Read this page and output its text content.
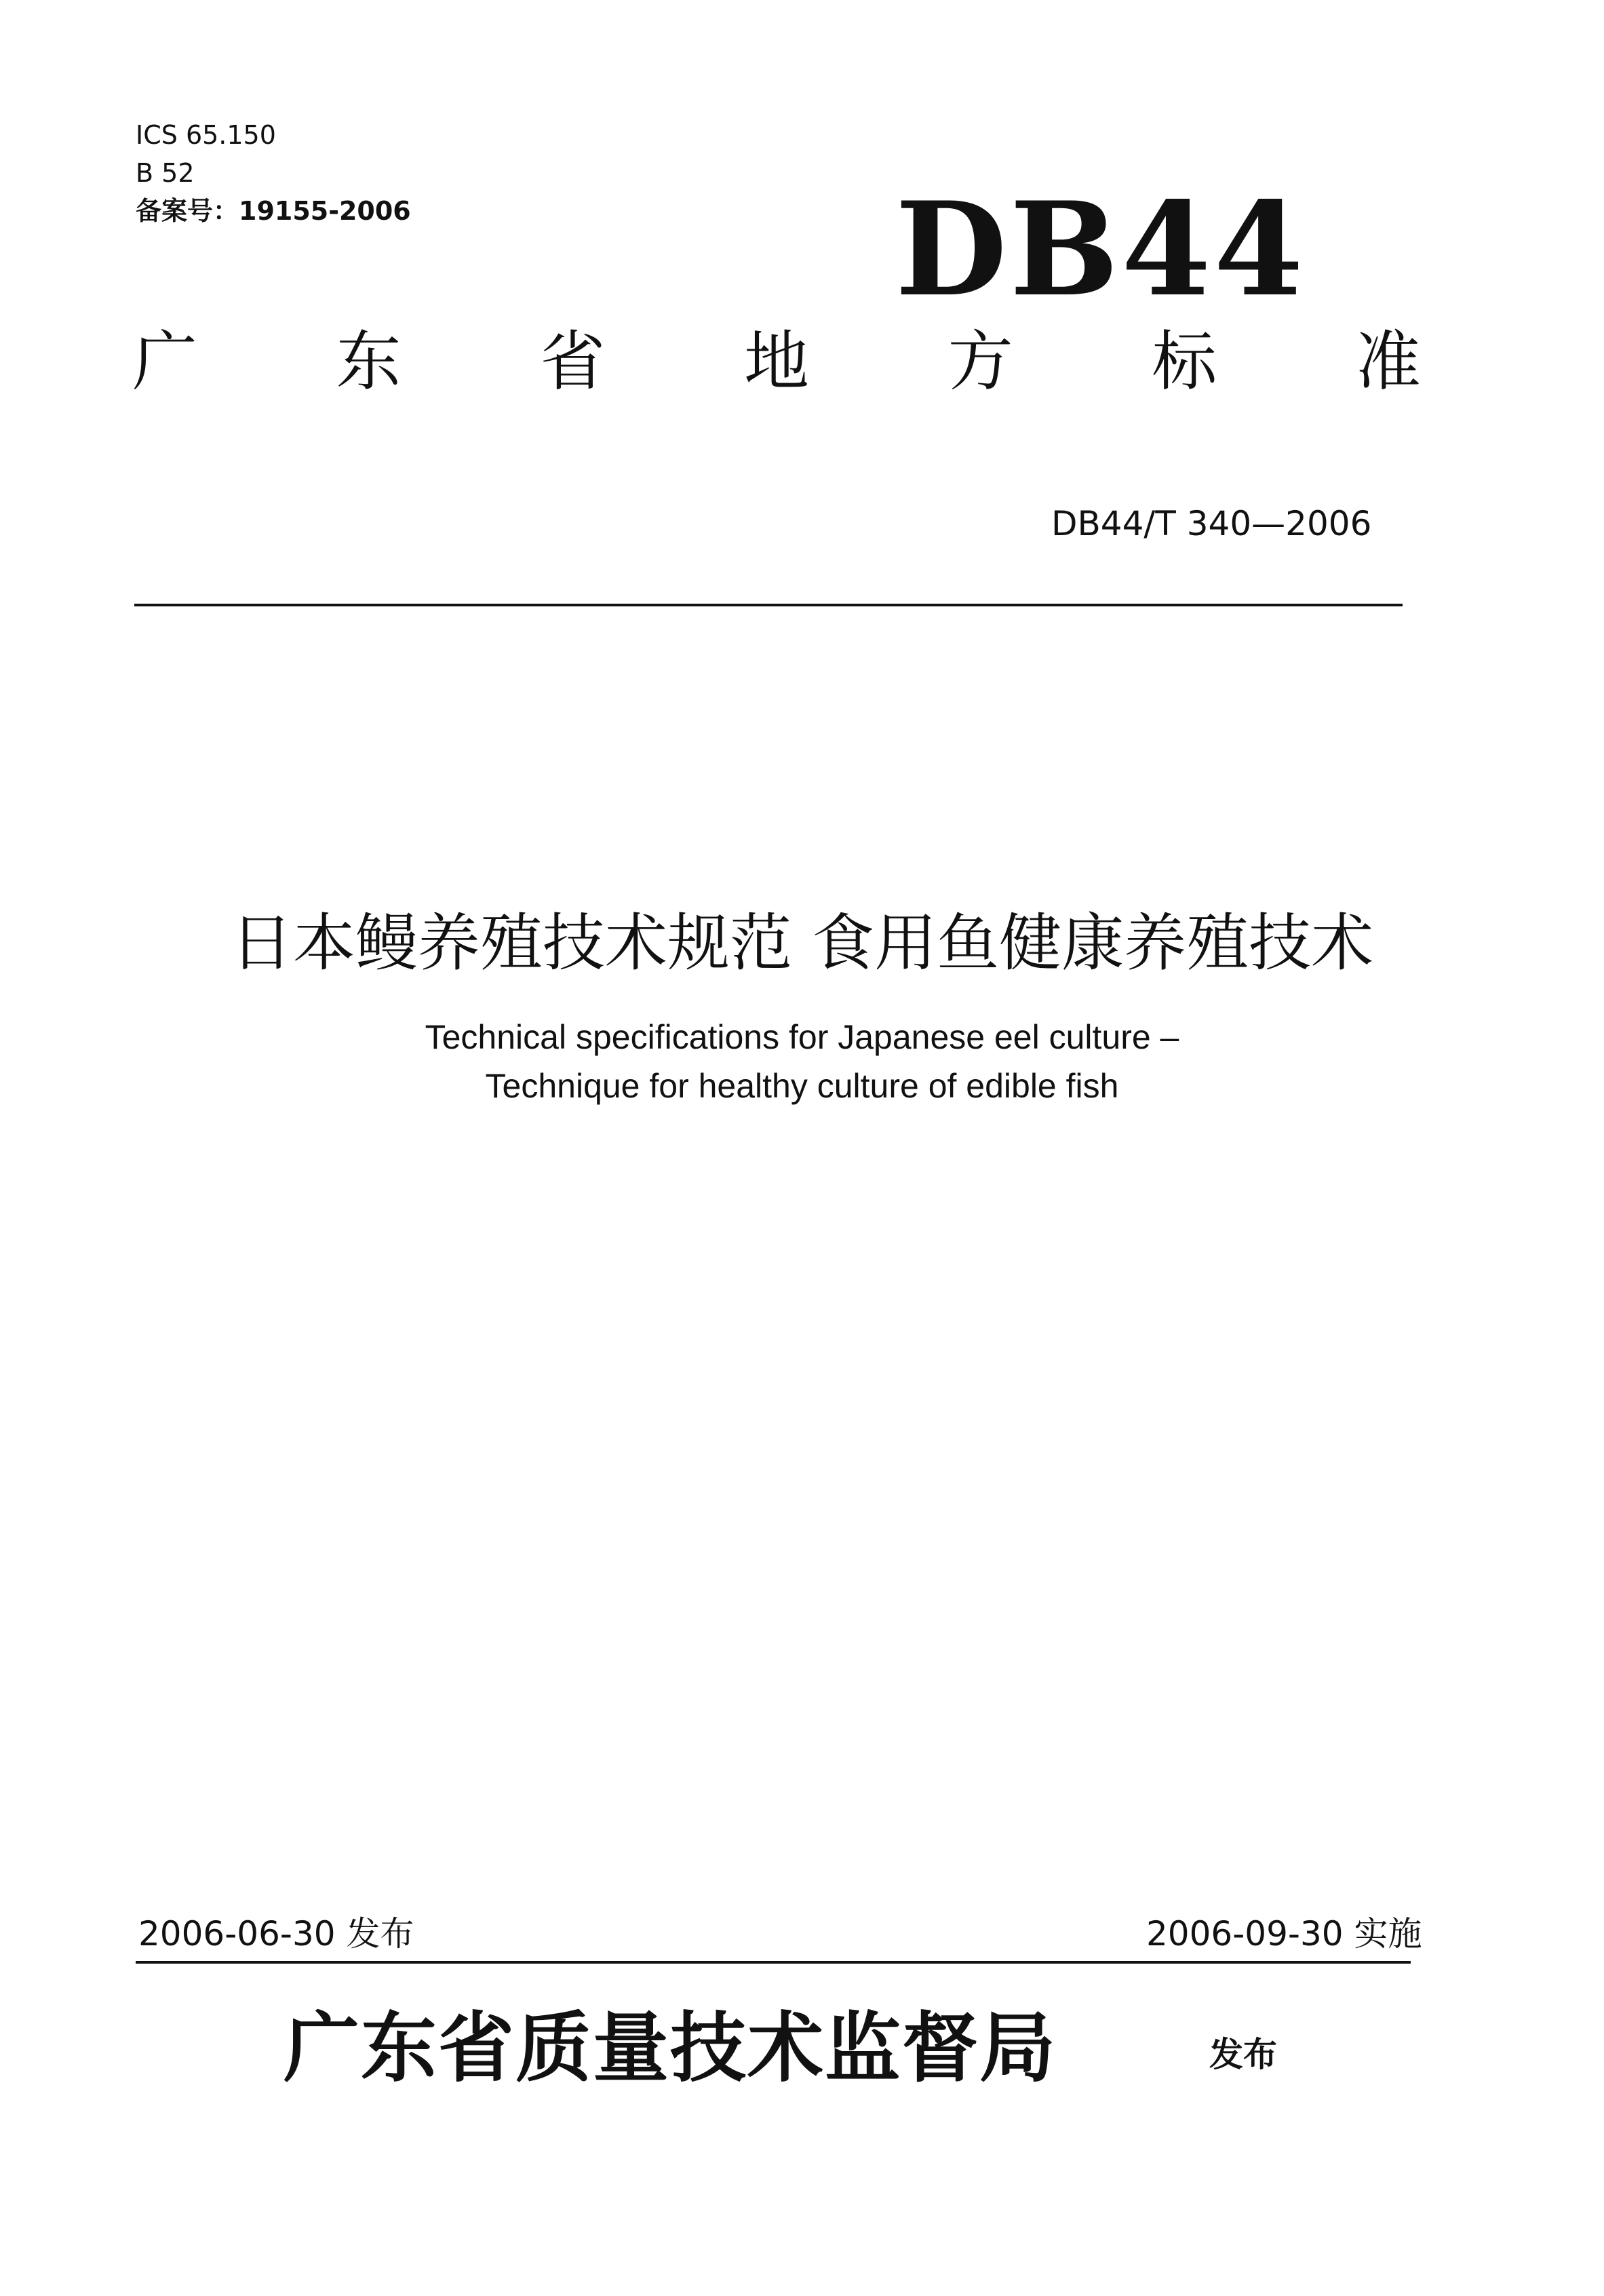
ICS 65.150
B 52
备案号：19155-2006	DB44
广 东 省 地 方 标 准
DB44/T 340—2006
日本鳗养殖技术规范 食用鱼健康养殖技术
Technical specifications for Japanese eel culture –
Technique for healthy culture of edible fish
2006-06-30 发布	2006-09-30 实施
广东省质量技术监督局	发布
